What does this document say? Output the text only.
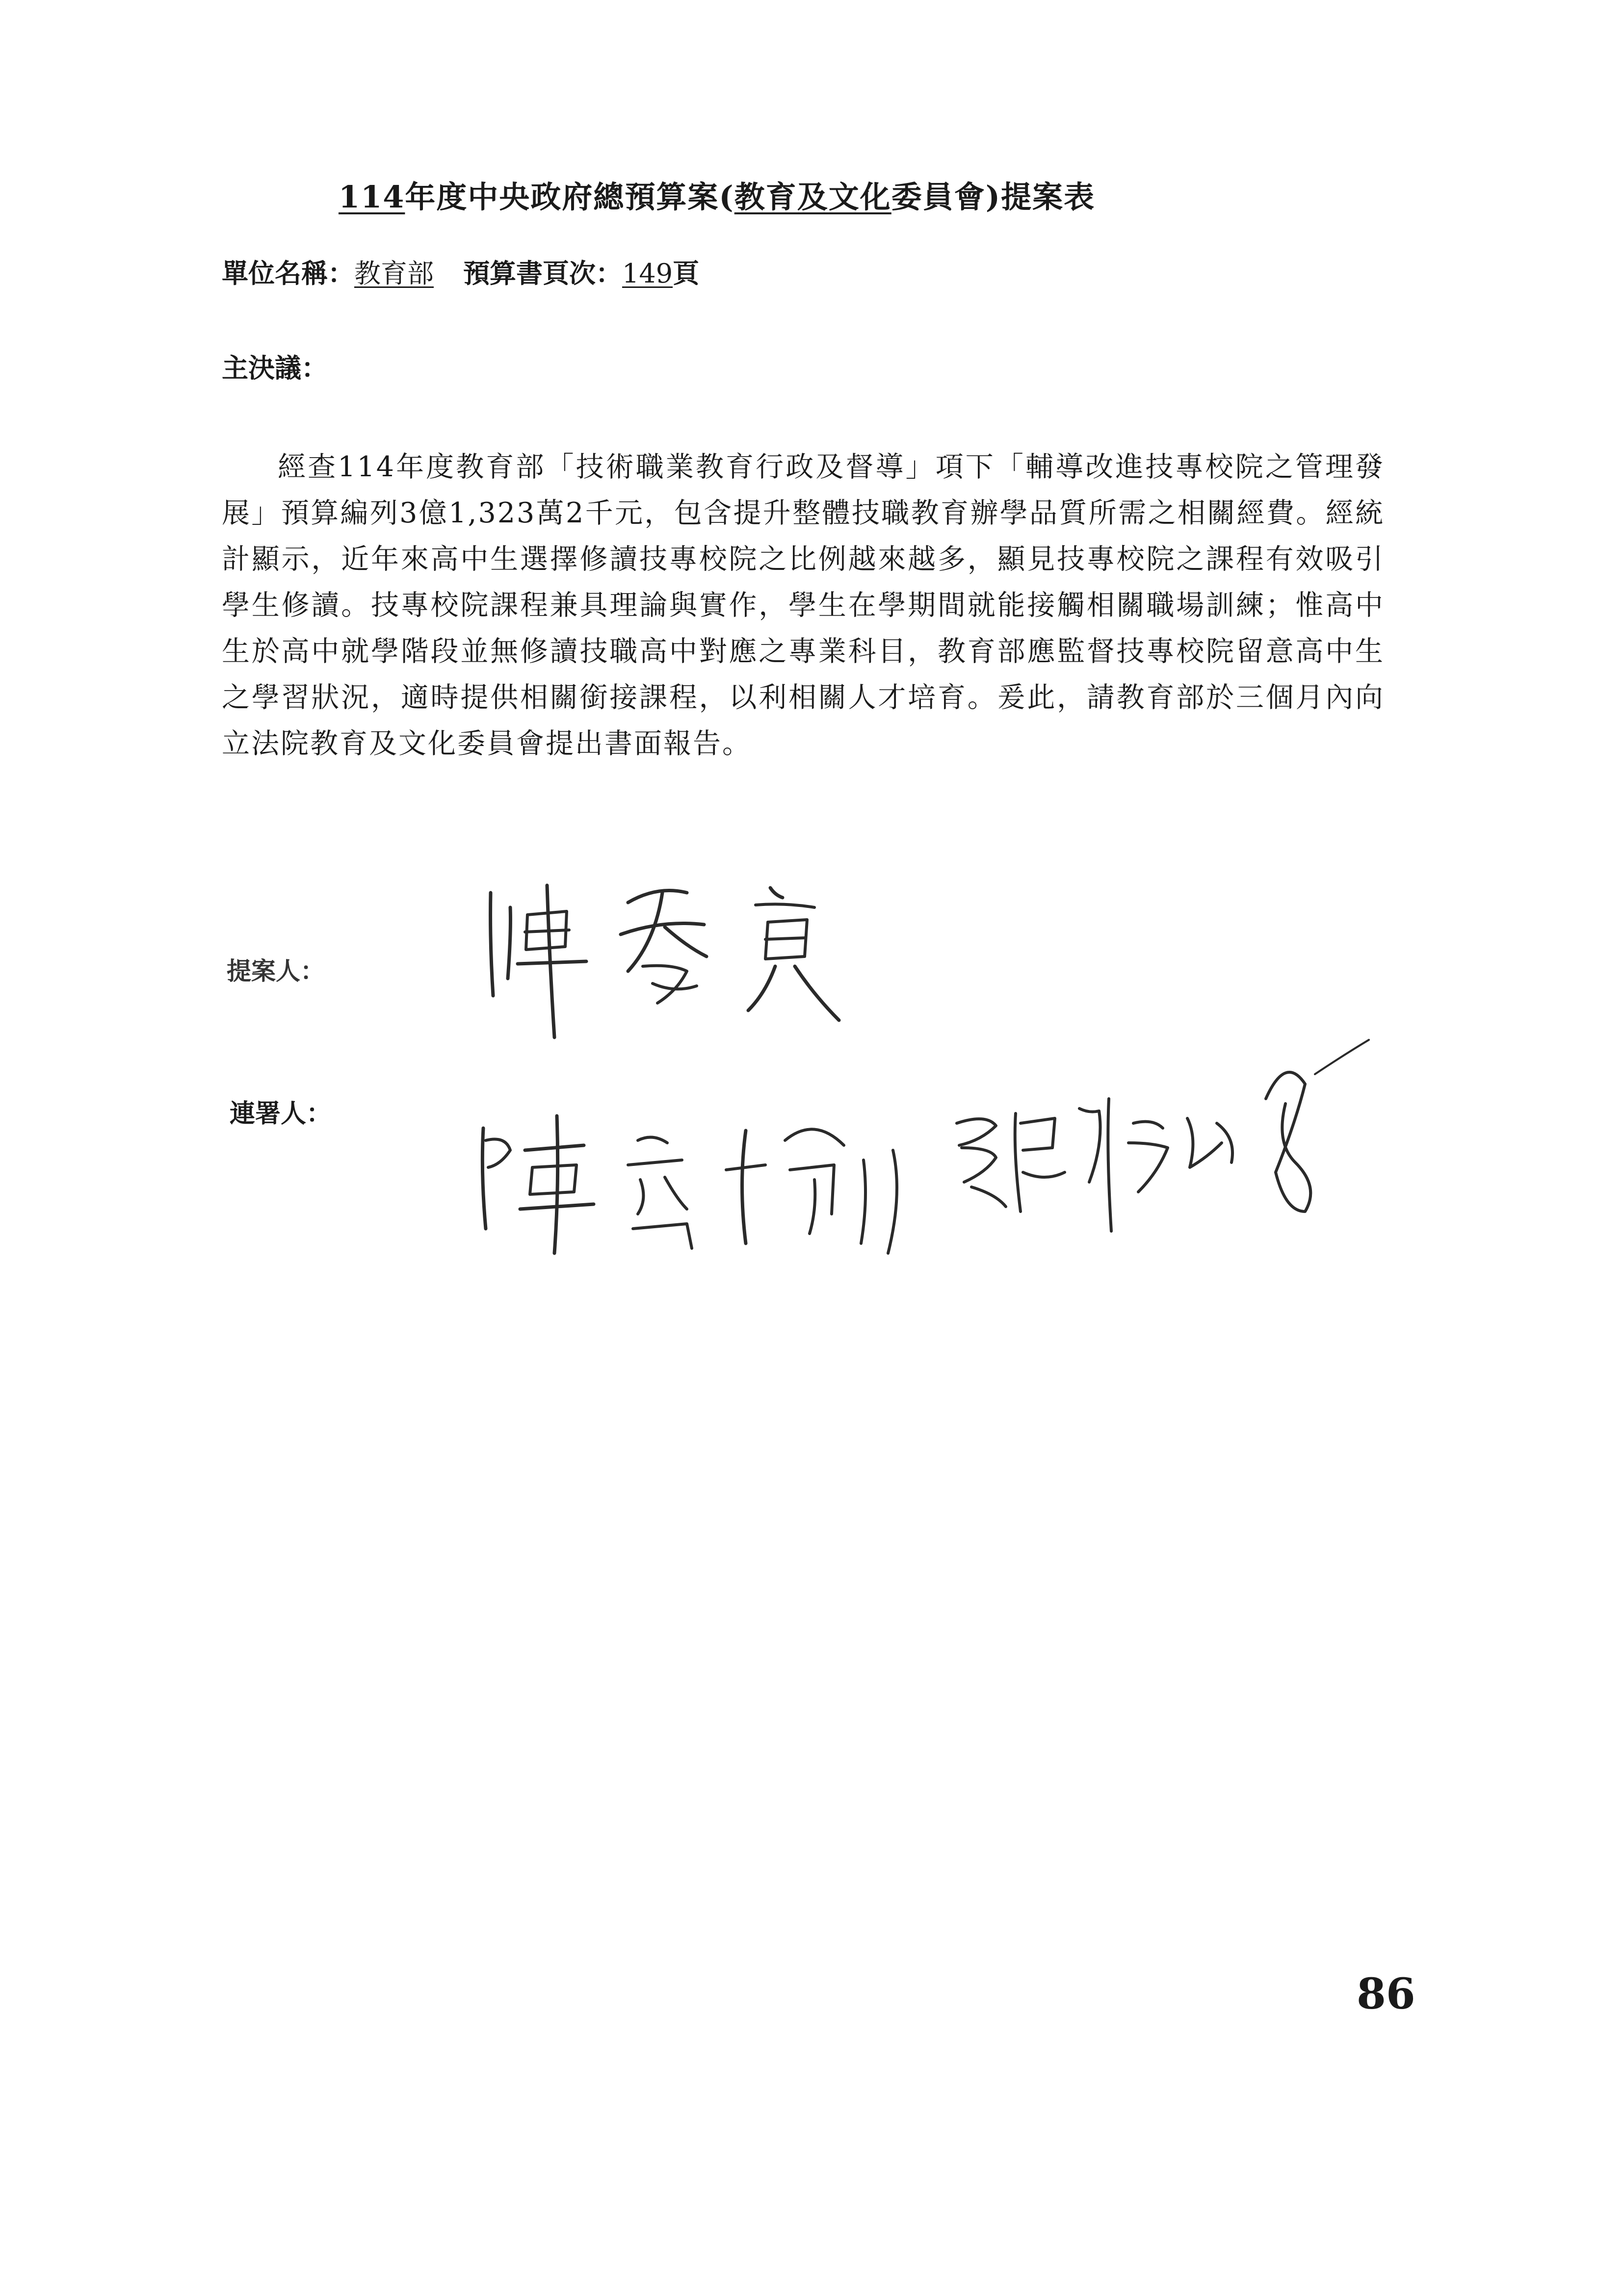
114年度中央政府總預算案(教育及文化委員會)提案表
單位名稱：教育部 預算書頁次：149頁
主決議：
經查114年度教育部「技術職業教育行政及督導」項下「輔導改進技專校院之管理發展」預算編列3億1,323萬2千元，包含提升整體技職教育辦學品質所需之相關經費。經統計顯示，近年來高中生選擇修讀技專校院之比例越來越多，顯見技專校院之課程有效吸引學生修讀。技專校院課程兼具理論與實作，學生在學期間就能接觸相關職場訓練；惟高中生於高中就學階段並無修讀技職高中對應之專業科目，教育部應監督技專校院留意高中生之學習狀況，適時提供相關銜接課程，以利相關人才培育。爰此，請教育部於三個月內向立法院教育及文化委員會提出書面報告。
提案人：
連署人：
86
